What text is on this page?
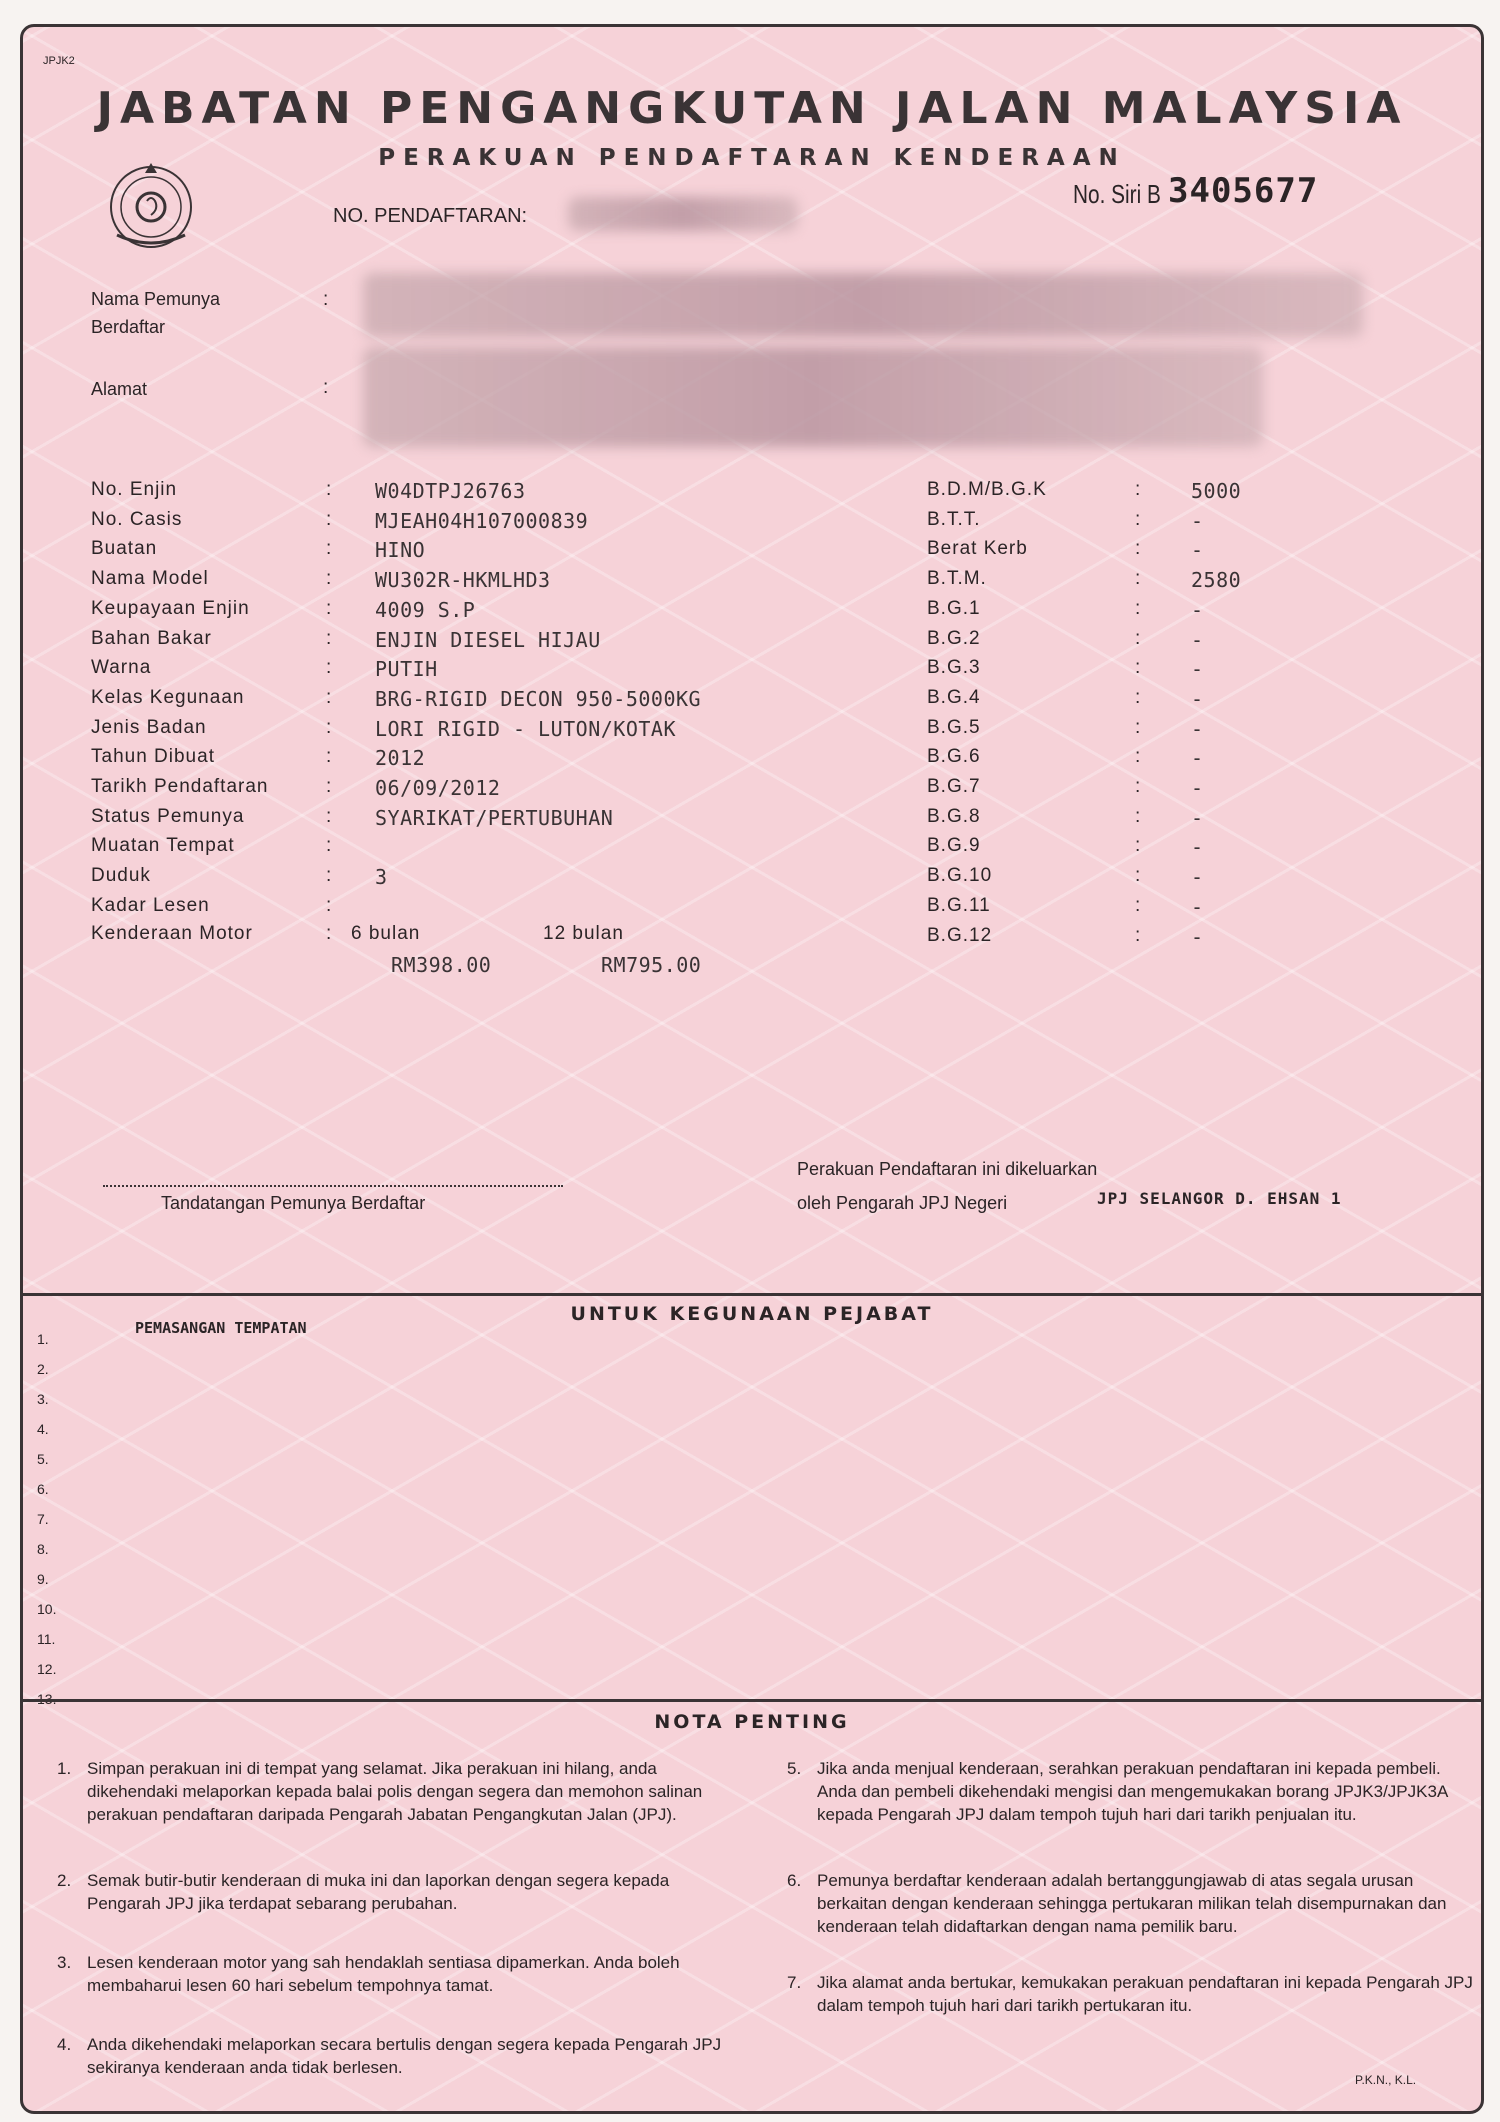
JPJK2
JABATAN PENGANGKUTAN JALAN MALAYSIA
PERAKUAN PENDAFTARAN KENDERAAN
No. Siri B 3405677
NO. PENDAFTARAN:
Nama Pemunya
Berdaftar
:
Alamat	:
No. Enjin	: W04DTPJ26763
No. Casis	: MJEAH04H107000839
Buatan	: HINO
Nama Model	: WU302R-HKMLHD3
Keupayaan Enjin	: 4009 S.P
Bahan Bakar	: ENJIN DIESEL HIJAU
Warna	: PUTIH
Kelas Kegunaan	: BRG-RIGID DECON 950-5000KG
Jenis Badan	: LORI RIGID - LUTON/KOTAK
Tahun Dibuat	: 2012
Tarikh Pendaftaran	: 06/09/2012
Status Pemunya	: SYARIKAT/PERTUBUHAN
Muatan Tempat	:
Duduk	: 3
Kadar Lesen	:
B.D.M/B.G.K	:	5000
B.T.T.	:	-
Berat Kerb	:	-
B.T.M.	:	2580
B.G.1	:	-
B.G.2	:	-
B.G.3	:	-
B.G.4	:	-
B.G.5	:	-
B.G.6	:	-
B.G.7	:	-
B.G.8	:	-
B.G.9	:	-
B.G.10	:	-
B.G.11	:	-
B.G.12	:	-
Kenderaan Motor	: 6 bulan	12 bulan
RM398.00	RM795.00
Tandatangan Pemunya Berdaftar
Perakuan Pendaftaran ini dikeluarkan
oleh Pengarah JPJ Negeri	JPJ SELANGOR D. EHSAN 1
UNTUK KEGUNAAN PEJABAT
PEMASANGAN TEMPATAN
1.
2.
3.
4.
5.
6.
7.
8.
9.
10.
11.
12.
13.
NOTA PENTING
1. Simpan perakuan ini di tempat yang selamat. Jika perakuan ini hilang, anda dikehendaki melaporkan kepada balai polis dengan segera dan memohon salinan perakuan pendaftaran daripada Pengarah Jabatan Pengangkutan Jalan (JPJ).
2. Semak butir-butir kenderaan di muka ini dan laporkan dengan segera kepada Pengarah JPJ jika terdapat sebarang perubahan.
3. Lesen kenderaan motor yang sah hendaklah sentiasa dipamerkan. Anda boleh membaharui lesen 60 hari sebelum tempohnya tamat.
4. Anda dikehendaki melaporkan secara bertulis dengan segera kepada Pengarah JPJ sekiranya kenderaan anda tidak berlesen.
5. Jika anda menjual kenderaan, serahkan perakuan pendaftaran ini kepada pembeli. Anda dan pembeli dikehendaki mengisi dan mengemukakan borang JPJK3/JPJK3A kepada Pengarah JPJ dalam tempoh tujuh hari dari tarikh penjualan itu.
6. Pemunya berdaftar kenderaan adalah bertanggungjawab di atas segala urusan berkaitan dengan kenderaan sehingga pertukaran milikan telah disempurnakan dan kenderaan telah didaftarkan dengan nama pemilik baru.
7. Jika alamat anda bertukar, kemukakan perakuan pendaftaran ini kepada Pengarah JPJ dalam tempoh tujuh hari dari tarikh pertukaran itu.
P.K.N., K.L.
